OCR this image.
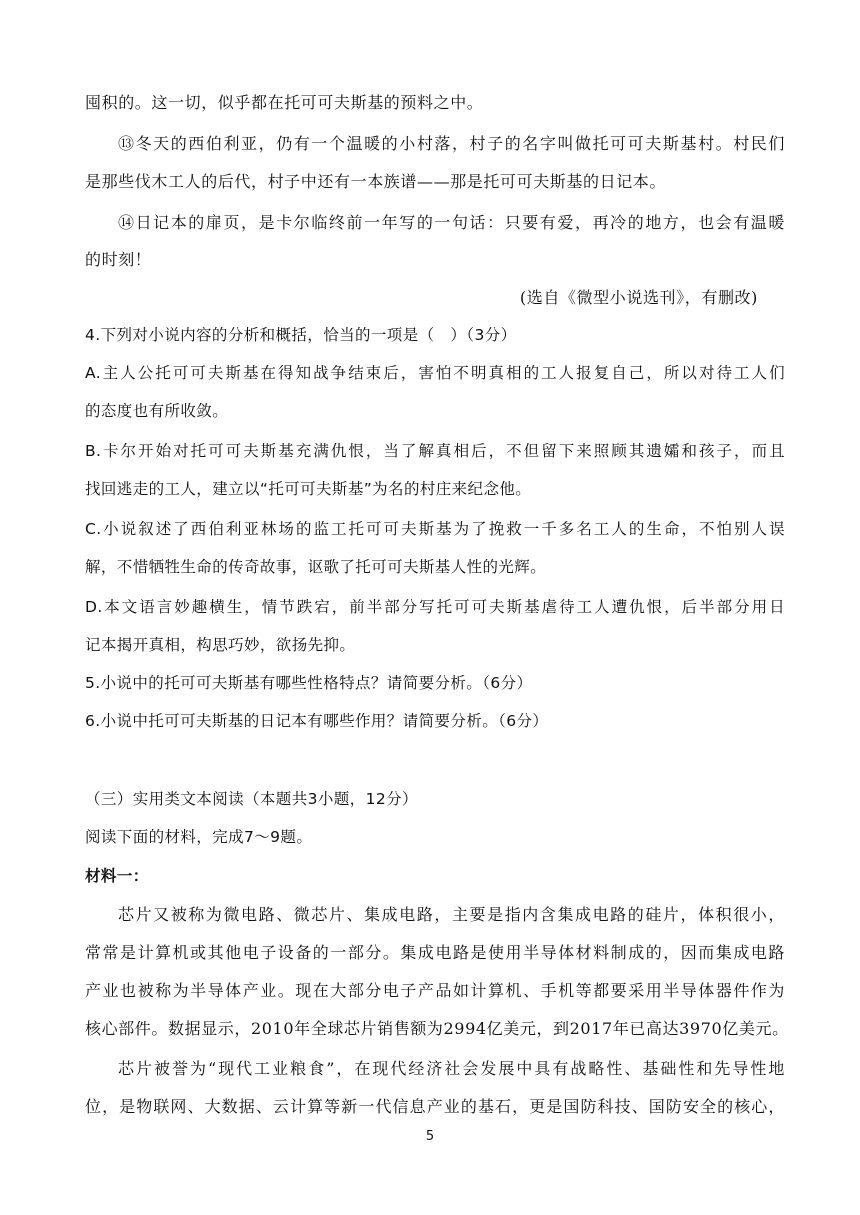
囤积的。这一切，似乎都在托可可夫斯基的预料之中。
⑬冬天的西伯利亚，仍有一个温暖的小村落，村子的名字叫做托可可夫斯基村。村民们
是那些伐木工人的后代，村子中还有一本族谱——那是托可可夫斯基的日记本。
⑭日记本的扉页，是卡尔临终前一年写的一句话：只要有爱，再冷的地方，也会有温暖
的时刻！
(选自《微型小说选刊》，有删改)
4.下列对小说内容的分析和概括，恰当的一项是（　）（3分）
A.主人公托可可夫斯基在得知战争结束后，害怕不明真相的工人报复自己，所以对待工人们
的态度也有所收敛。
B.卡尔开始对托可可夫斯基充满仇恨，当了解真相后，不但留下来照顾其遗孀和孩子，而且
找回逃走的工人，建立以“托可可夫斯基”为名的村庄来纪念他。
C.小说叙述了西伯利亚林场的监工托可可夫斯基为了挽救一千多名工人的生命，不怕别人误
解，不惜牺牲生命的传奇故事，讴歌了托可可夫斯基人性的光辉。
D.本文语言妙趣横生，情节跌宕，前半部分写托可可夫斯基虐待工人遭仇恨，后半部分用日
记本揭开真相，构思巧妙，欲扬先抑。
5.小说中的托可可夫斯基有哪些性格特点？请简要分析。（6分）
6.小说中托可可夫斯基的日记本有哪些作用？请简要分析。（6分）
（三）实用类文本阅读（本题共3小题，12分）
阅读下面的材料，完成7～9题。
材料一：
芯片又被称为微电路、微芯片、集成电路，主要是指内含集成电路的硅片，体积很小，
常常是计算机或其他电子设备的一部分。集成电路是使用半导体材料制成的，因而集成电路
产业也被称为半导体产业。现在大部分电子产品如计算机、手机等都要采用半导体器件作为
核心部件。数据显示，2010年全球芯片销售额为2994亿美元，到2017年已高达3970亿美元。
芯片被誉为“现代工业粮食”，在现代经济社会发展中具有战略性、基础性和先导性地
位，是物联网、大数据、云计算等新一代信息产业的基石，更是国防科技、国防安全的核心，
5
